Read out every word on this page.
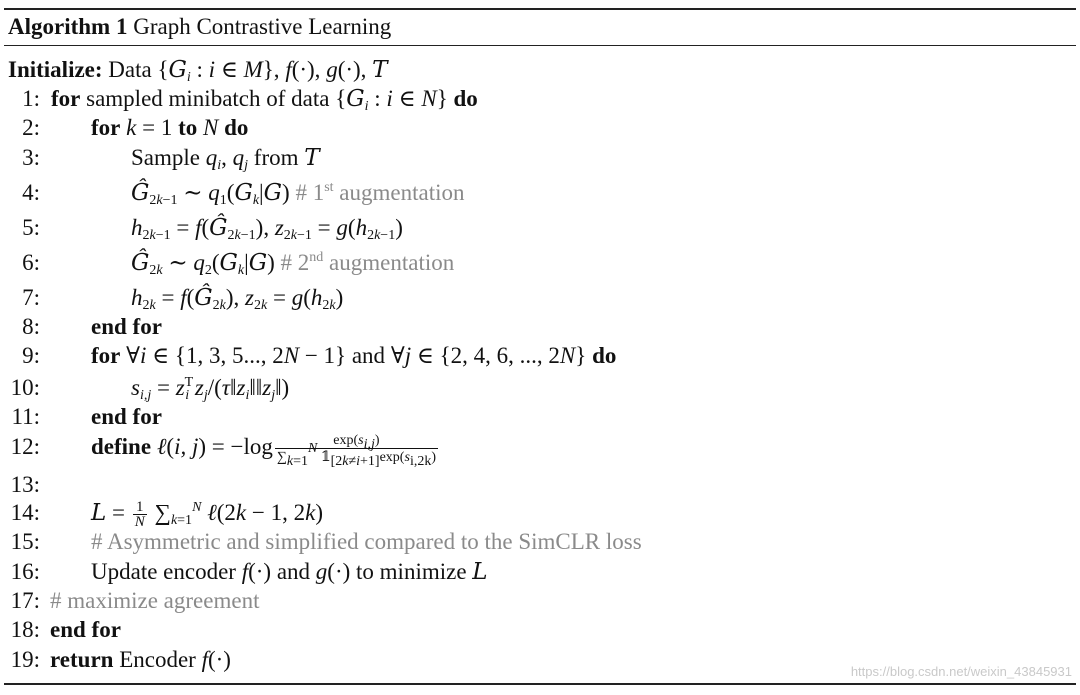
Algorithm 1 Graph Contrastive Learning
Initialize: Data {$G_i$ : i ∈ M}, f(·), g(·), T
1: for sampled minibatch of data {$G_i$ : i ∈ N} do
2: for k = 1 to N do
3:	Sample $q_i$, $q_j$ from T
4:	$Ĝ_{2k-1}$ ∼ $q_1(G_k|G)$ # 1st augmentation
5:	$h_{2k-1}$ = $f(Ĝ_{2k-1})$, $z_{2k-1} = g(h_{2k-1})$
6:	$Ĝ_{2k}$ ∼ $q_2(G_k|G)$ # 2nd augmentation
7:	$h_{2k}$ = $f(Ĝ_{2k})$, $z_{2k} = g(h_{2k})$
8: end for
9: for ∀i ∈ {1, 3, 5..., 2N − 1} and ∀j ∈ {2, 4, 6, ..., 2N} do
10:	$s_{i,j} = z^T_i$ $z_j/(\tau‖z_i‖‖z_j‖)$
11: end for
12: define ℓ(i, $j) = -\log \frac{\exp(s_{i,j})}{\sum_{k=1}^N 𝟙_{[2k\ne i+1]}\exp(s_{i,2k})}$
13:
14: $L = \frac{1}{N} \sum_{k=1}^N$ ℓ(2k − 1, 2k)
15: # Asymmetric and simplified compared to the SimCLR loss
16: Update encoder f(·) and g(·) to minimize L
17: # maximize agreement
18: end for
19: return Encoder f(·)	https://blog.csdn.net/weixin_43845931
